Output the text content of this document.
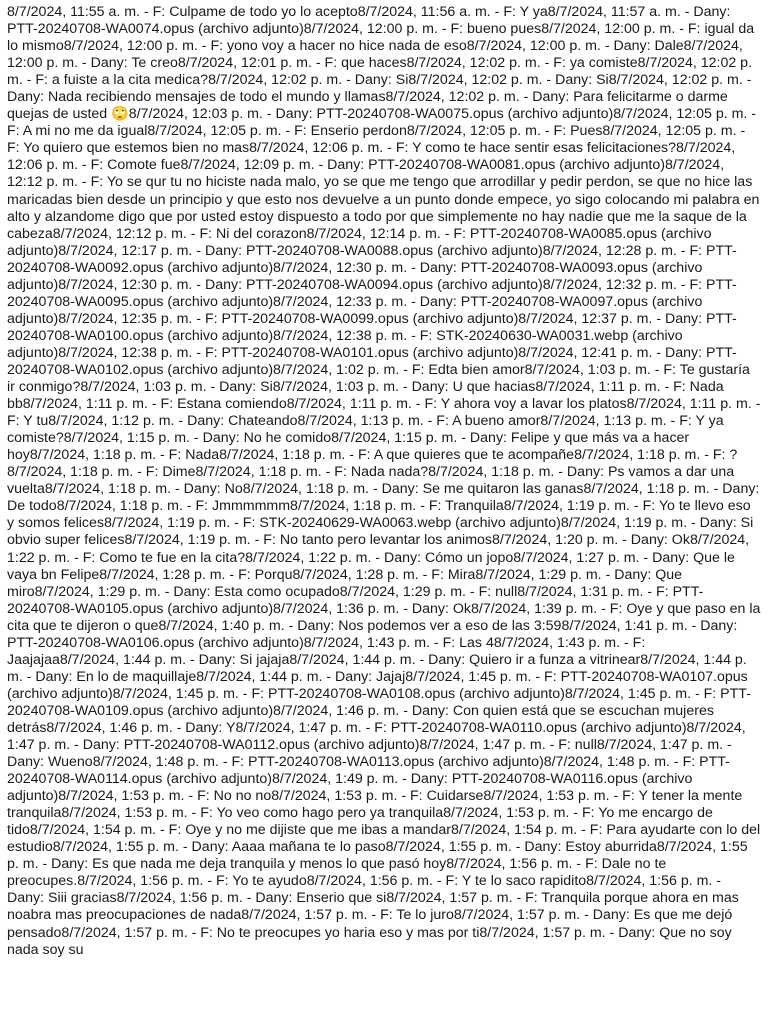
8/7/2024, 11:55 a. m. - F: Culpame de todo yo lo acepto8/7/2024, 11:56 a. m. - F: Y ya8/7/2024, 11:57 a. m. - Dany: PTT-20240708-WA0074.opus (archivo adjunto)8/7/2024, 12:00 p. m. - F: bueno pues8/7/2024, 12:00 p. m. - F: igual da lo mismo8/7/2024, 12:00 p. m. - F: yono voy a hacer no hice nada de eso8/7/2024, 12:00 p. m. - Dany: Dale8/7/2024, 12:00 p. m. - Dany: Te creo8/7/2024, 12:01 p. m. - F: que haces8/7/2024, 12:02 p. m. - F: ya comiste8/7/2024, 12:02 p. m. - F: a fuiste a la cita medica?8/7/2024, 12:02 p. m. - Dany: Si8/7/2024, 12:02 p. m. - Dany: Si8/7/2024, 12:02 p. m. - Dany: Nada recibiendo mensajes de todo el mundo y llamas8/7/2024, 12:02 p. m. - Dany: Para felicitarme o darme quejas de usted 🙄8/7/2024, 12:03 p. m. - Dany: PTT-20240708-WA0075.opus (archivo adjunto)8/7/2024, 12:05 p. m. - F: A mi no me da igual8/7/2024, 12:05 p. m. - F: Enserio perdon8/7/2024, 12:05 p. m. - F: Pues8/7/2024, 12:05 p. m. - F: Yo quiero que estemos bien no mas8/7/2024, 12:06 p. m. - F: Y como te hace sentir esas felicitaciones?8/7/2024, 12:06 p. m. - F: Comote fue8/7/2024, 12:09 p. m. - Dany: PTT-20240708-WA0081.opus (archivo adjunto)8/7/2024, 12:12 p. m. - F: Yo se qur tu no hiciste nada malo, yo se que me tengo que arrodillar y pedir perdon, se que no hice las maricadas bien desde un principio y que esto nos devuelve a un punto donde empece, yo sigo colocando mi palabra en alto y alzandome digo que por usted estoy dispuesto a todo por que simplemente no hay nadie que me la saque de la cabeza8/7/2024, 12:12 p. m. - F: Ni del corazon8/7/2024, 12:14 p. m. - F: PTT-20240708-WA0085.opus (archivo adjunto)8/7/2024, 12:17 p. m. - Dany: PTT-20240708-WA0088.opus (archivo adjunto)8/7/2024, 12:28 p. m. - F: PTT-20240708-WA0092.opus (archivo adjunto)8/7/2024, 12:30 p. m. - Dany: PTT-20240708-WA0093.opus (archivo adjunto)8/7/2024, 12:30 p. m. - Dany: PTT-20240708-WA0094.opus (archivo adjunto)8/7/2024, 12:32 p. m. - F: PTT-20240708-WA0095.opus (archivo adjunto)8/7/2024, 12:33 p. m. - Dany: PTT-20240708-WA0097.opus (archivo adjunto)8/7/2024, 12:35 p. m. - F: PTT-20240708-WA0099.opus (archivo adjunto)8/7/2024, 12:37 p. m. - Dany: PTT-20240708-WA0100.opus (archivo adjunto)8/7/2024, 12:38 p. m. - F: STK-20240630-WA0031.webp (archivo adjunto)8/7/2024, 12:38 p. m. - F: PTT-20240708-WA0101.opus (archivo adjunto)8/7/2024, 12:41 p. m. - Dany: PTT-20240708-WA0102.opus (archivo adjunto)8/7/2024, 1:02 p. m. - F: Edta bien amor8/7/2024, 1:03 p. m. - F: Te gustaría ir conmigo?8/7/2024, 1:03 p. m. - Dany: Si8/7/2024, 1:03 p. m. - Dany: U que hacias8/7/2024, 1:11 p. m. - F: Nada bb8/7/2024, 1:11 p. m. - F: Estana comiendo8/7/2024, 1:11 p. m. - F: Y ahora voy a lavar los platos8/7/2024, 1:11 p. m. - F: Y tu8/7/2024, 1:12 p. m. - Dany: Chateando8/7/2024, 1:13 p. m. - F: A bueno amor8/7/2024, 1:13 p. m. - F: Y ya comiste?8/7/2024, 1:15 p. m. - Dany: No he comido8/7/2024, 1:15 p. m. - Dany: Felipe y que más va a hacer hoy8/7/2024, 1:18 p. m. - F: Nada8/7/2024, 1:18 p. m. - F: A que quieres que te acompañe8/7/2024, 1:18 p. m. - F: ?8/7/2024, 1:18 p. m. - F: Dime8/7/2024, 1:18 p. m. - F: Nada nada?8/7/2024, 1:18 p. m. - Dany: Ps vamos a dar una vuelta8/7/2024, 1:18 p. m. - Dany: No8/7/2024, 1:18 p. m. - Dany: Se me quitaron las ganas8/7/2024, 1:18 p. m. - Dany: De todo8/7/2024, 1:18 p. m. - F: Jmmmmmm8/7/2024, 1:18 p. m. - F: Tranquila8/7/2024, 1:19 p. m. - F: Yo te llevo eso y somos felices8/7/2024, 1:19 p. m. - F: STK-20240629-WA0063.webp (archivo adjunto)8/7/2024, 1:19 p. m. - Dany: Si obvio super felices8/7/2024, 1:19 p. m. - F: No tanto pero levantar los animos8/7/2024, 1:20 p. m. - Dany: Ok8/7/2024, 1:22 p. m. - F: Como te fue en la cita?8/7/2024, 1:22 p. m. - Dany: Cómo un jopo8/7/2024, 1:27 p. m. - Dany: Que le vaya bn Felipe8/7/2024, 1:28 p. m. - F: Porqu8/7/2024, 1:28 p. m. - F: Mira8/7/2024, 1:29 p. m. - Dany: Que miro8/7/2024, 1:29 p. m. - Dany: Esta como ocupado8/7/2024, 1:29 p. m. - F: null8/7/2024, 1:31 p. m. - F: PTT-20240708-WA0105.opus (archivo adjunto)8/7/2024, 1:36 p. m. - Dany: Ok8/7/2024, 1:39 p. m. - F: Oye y que paso en la cita que te dijeron o que8/7/2024, 1:40 p. m. - Dany: Nos podemos ver a eso de las 3:598/7/2024, 1:41 p. m. - Dany: PTT-20240708-WA0106.opus (archivo adjunto)8/7/2024, 1:43 p. m. - F: Las 48/7/2024, 1:43 p. m. - F: Jaajajaa8/7/2024, 1:44 p. m. - Dany: Si jajaja8/7/2024, 1:44 p. m. - Dany: Quiero ir a funza a vitrinear8/7/2024, 1:44 p. m. - Dany: En lo de maquillaje8/7/2024, 1:44 p. m. - Dany: Jajaj8/7/2024, 1:45 p. m. - F: PTT-20240708-WA0107.opus (archivo adjunto)8/7/2024, 1:45 p. m. - F: PTT-20240708-WA0108.opus (archivo adjunto)8/7/2024, 1:45 p. m. - F: PTT-20240708-WA0109.opus (archivo adjunto)8/7/2024, 1:46 p. m. - Dany: Con quien está que se escuchan mujeres detrás8/7/2024, 1:46 p. m. - Dany: Y8/7/2024, 1:47 p. m. - F: PTT-20240708-WA0110.opus (archivo adjunto)8/7/2024, 1:47 p. m. - Dany: PTT-20240708-WA0112.opus (archivo adjunto)8/7/2024, 1:47 p. m. - F: null8/7/2024, 1:47 p. m. - Dany: Wueno8/7/2024, 1:48 p. m. - F: PTT-20240708-WA0113.opus (archivo adjunto)8/7/2024, 1:48 p. m. - F: PTT-20240708-WA0114.opus (archivo adjunto)8/7/2024, 1:49 p. m. - Dany: PTT-20240708-WA0116.opus (archivo adjunto)8/7/2024, 1:53 p. m. - F: No no no8/7/2024, 1:53 p. m. - F: Cuidarse8/7/2024, 1:53 p. m. - F: Y tener la mente tranquila8/7/2024, 1:53 p. m. - F: Yo veo como hago pero ya tranquila8/7/2024, 1:53 p. m. - F: Yo me encargo de tido8/7/2024, 1:54 p. m. - F: Oye y no me dijiste que me ibas a mandar8/7/2024, 1:54 p. m. - F: Para ayudarte con lo del estudio8/7/2024, 1:55 p. m. - Dany: Aaaa mañana te lo paso8/7/2024, 1:55 p. m. - Dany: Estoy aburrida8/7/2024, 1:55 p. m. - Dany: Es que nada me deja tranquila y menos lo que pasó hoy8/7/2024, 1:56 p. m. - F: Dale no te preocupes.8/7/2024, 1:56 p. m. - F: Yo te ayudo8/7/2024, 1:56 p. m. - F: Y te lo saco rapidito8/7/2024, 1:56 p. m. - Dany: Siii gracias8/7/2024, 1:56 p. m. - Dany: Enserio que si8/7/2024, 1:57 p. m. - F: Tranquila porque ahora en mas noabra mas preocupaciones de nada8/7/2024, 1:57 p. m. - F: Te lo juro8/7/2024, 1:57 p. m. - Dany: Es que me dejó pensado8/7/2024, 1:57 p. m. - F: No te preocupes yo haria eso y mas por ti8/7/2024, 1:57 p. m. - Dany: Que no soy nada soy su
